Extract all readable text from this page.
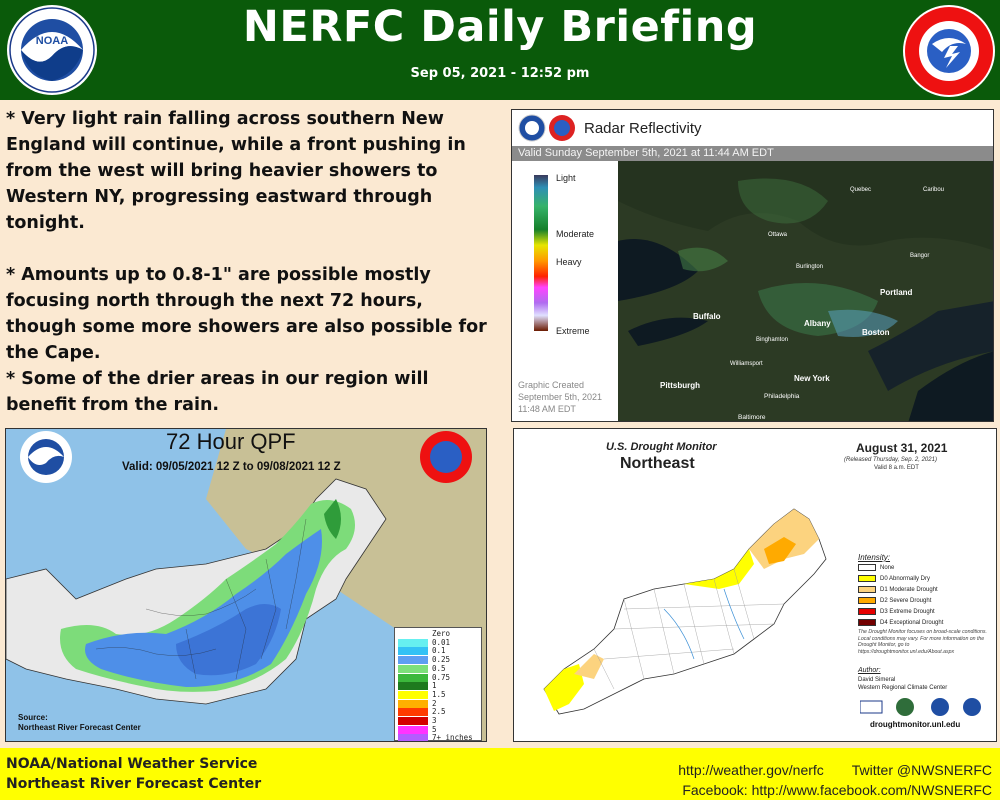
NOAA	NERFC Daily Briefing
Sep 05, 2021 - 12:52 pm
* Very light rain falling across southern New England will continue, while a front pushing in from the west will bring heavier showers to Western NY, progressing eastward through tonight.
* Amounts up to 0.8-1" are possible mostly focusing north through the next 72 hours, though some more showers are also possible for the Cape.
* Some of the drier areas in our region will benefit from the rain.
Radar Reflectivity
Valid Sunday September 5th, 2021 at 11:44 AM EDT
Light
Moderate
Heavy
Extreme
Graphic Created
September 5th, 2021
11:48 AM EDT
Quebec	Caribou
Ottawa
Bangor
Burlington
Portland
Buffalo
Albany
Boston
Binghamton
Williamsport
New York
Pittsburgh
Philadelphia
Baltimore
72 Hour QPF
Valid: 09/05/2021 12 Z to 09/08/2021 12 Z
Source:
Northeast River Forecast Center
Zero
0.01
0.1
0.25
0.5
0.75
1
1.5
2
2.5
3
5
7+ inches
U.S. Drought Monitor
Northeast
August 31, 2021
(Released Thursday, Sep. 2, 2021)
Valid 8 a.m. EDT
Intensity:
None
D0 Abnormally Dry
D1 Moderate Drought
D2 Severe Drought
D3 Extreme Drought
D4 Exceptional Drought
The Drought Monitor focuses on broad-scale conditions. Local conditions may vary. For more information on the Drought Monitor, go to https://droughtmonitor.unl.edu/About.aspx
Author:
David Simeral
Western Regional Climate Center
droughtmonitor.unl.edu
NOAA/National Weather Service
Northeast River Forecast Center
http://weather.gov/nerfc Twitter @NWSNERFC
Facebook: http://www.facebook.com/NWSNERFC
